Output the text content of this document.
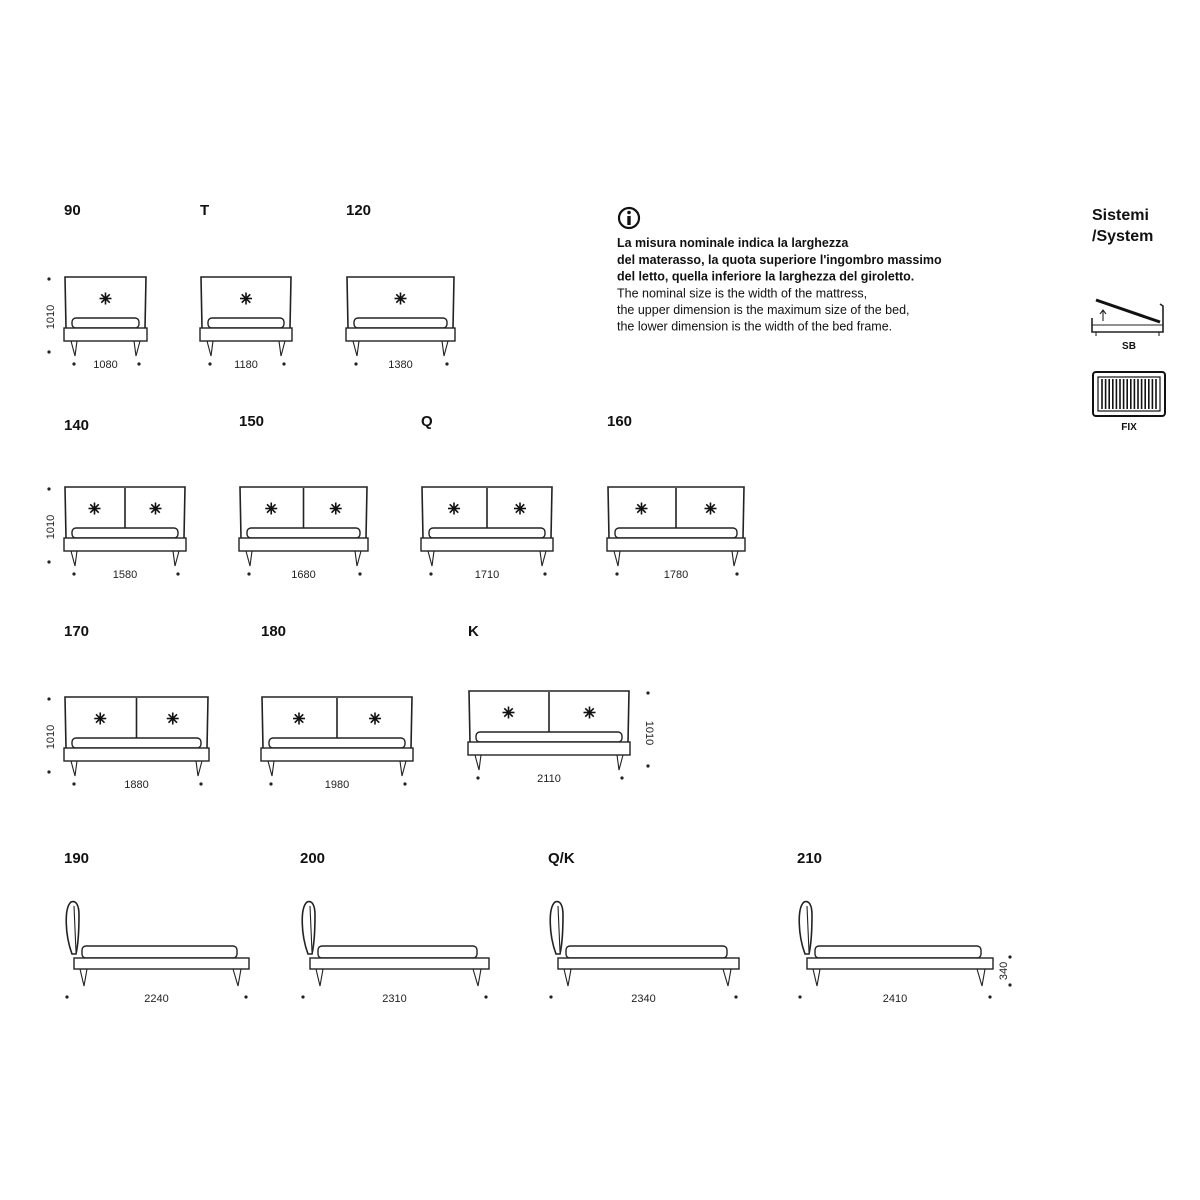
90
1080
1010
T
1180
120
1380
140
1580
1010
150
1680
Q
1710
160
1780
170
1880
1010
180
1980
K
2110
1010
190
2240
200
2310
Q/K
2340
210
2410
340
La misura nominale indica la larghezza
del materasso, la quota superiore l'ingombro massimo
del letto, quella inferiore la larghezza del giroletto.
The nominal size is the width of the mattress,
the upper dimension is the maximum size of the bed,
the lower dimension is the width of the bed frame.
Sistemi
/System
SB
FIX
